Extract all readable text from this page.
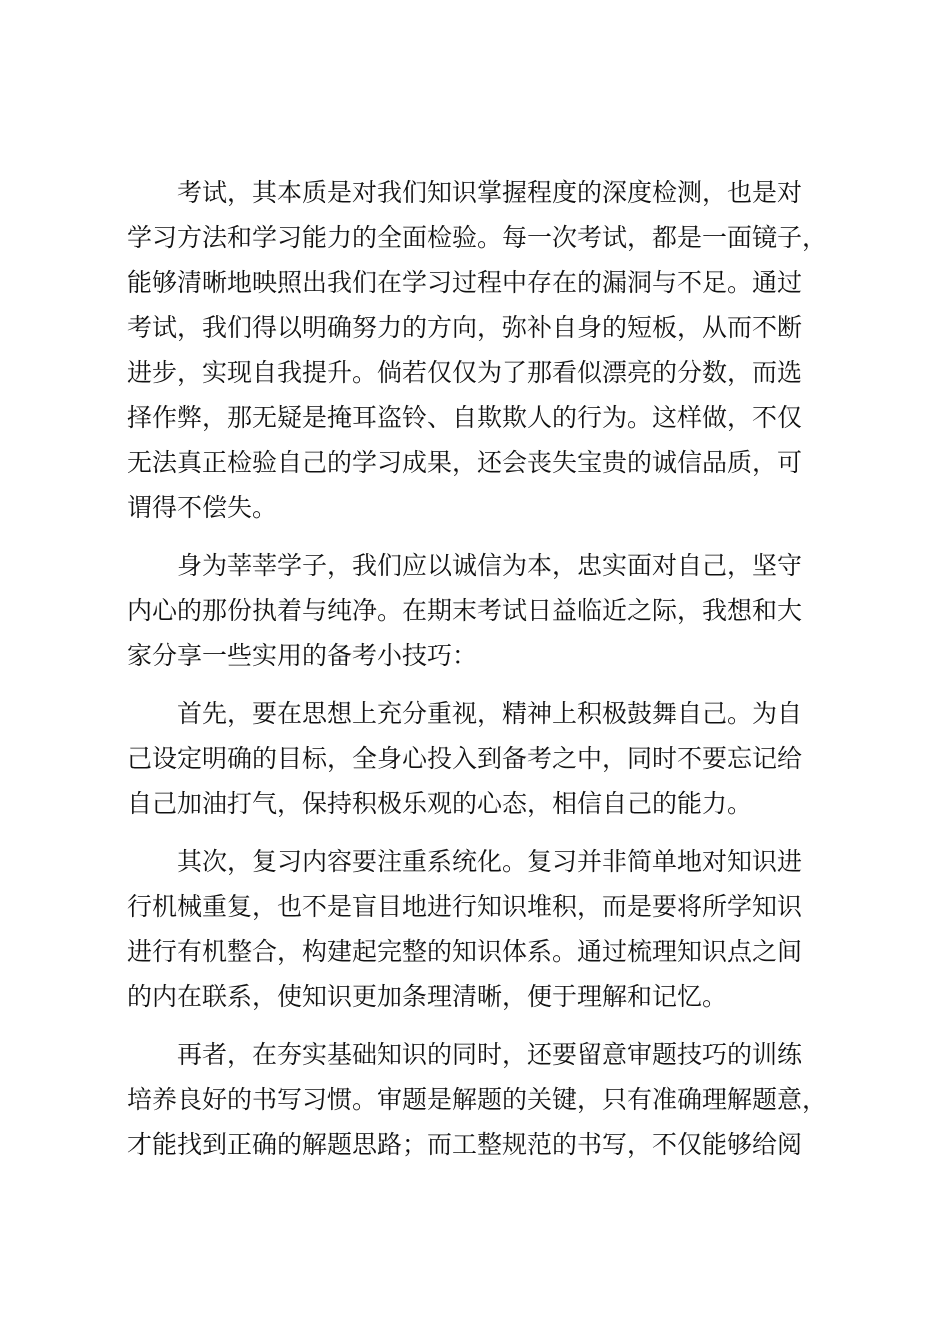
考试，其本质是对我们知识掌握程度的深度检测，也是对
学习方法和学习能力的全面检验。每一次考试，都是一面镜子，
能够清晰地映照出我们在学习过程中存在的漏洞与不足。通过
考试，我们得以明确努力的方向，弥补自身的短板，从而不断
进步，实现自我提升。倘若仅仅为了那看似漂亮的分数，而选
择作弊，那无疑是掩耳盗铃、自欺欺人的行为。这样做，不仅
无法真正检验自己的学习成果，还会丧失宝贵的诚信品质，可
谓得不偿失。
身为莘莘学子，我们应以诚信为本，忠实面对自己，坚守
内心的那份执着与纯净。在期末考试日益临近之际，我想和大
家分享一些实用的备考小技巧：
首先，要在思想上充分重视，精神上积极鼓舞自己。为自
己设定明确的目标，全身心投入到备考之中，同时不要忘记给
自己加油打气，保持积极乐观的心态，相信自己的能力。
其次，复习内容要注重系统化。复习并非简单地对知识进
行机械重复，也不是盲目地进行知识堆积，而是要将所学知识
进行有机整合，构建起完整的知识体系。通过梳理知识点之间
的内在联系，使知识更加条理清晰，便于理解和记忆。
再者，在夯实基础知识的同时，还要留意审题技巧的训练
培养良好的书写习惯。审题是解题的关键，只有准确理解题意，
才能找到正确的解题思路；而工整规范的书写，不仅能够给阅
